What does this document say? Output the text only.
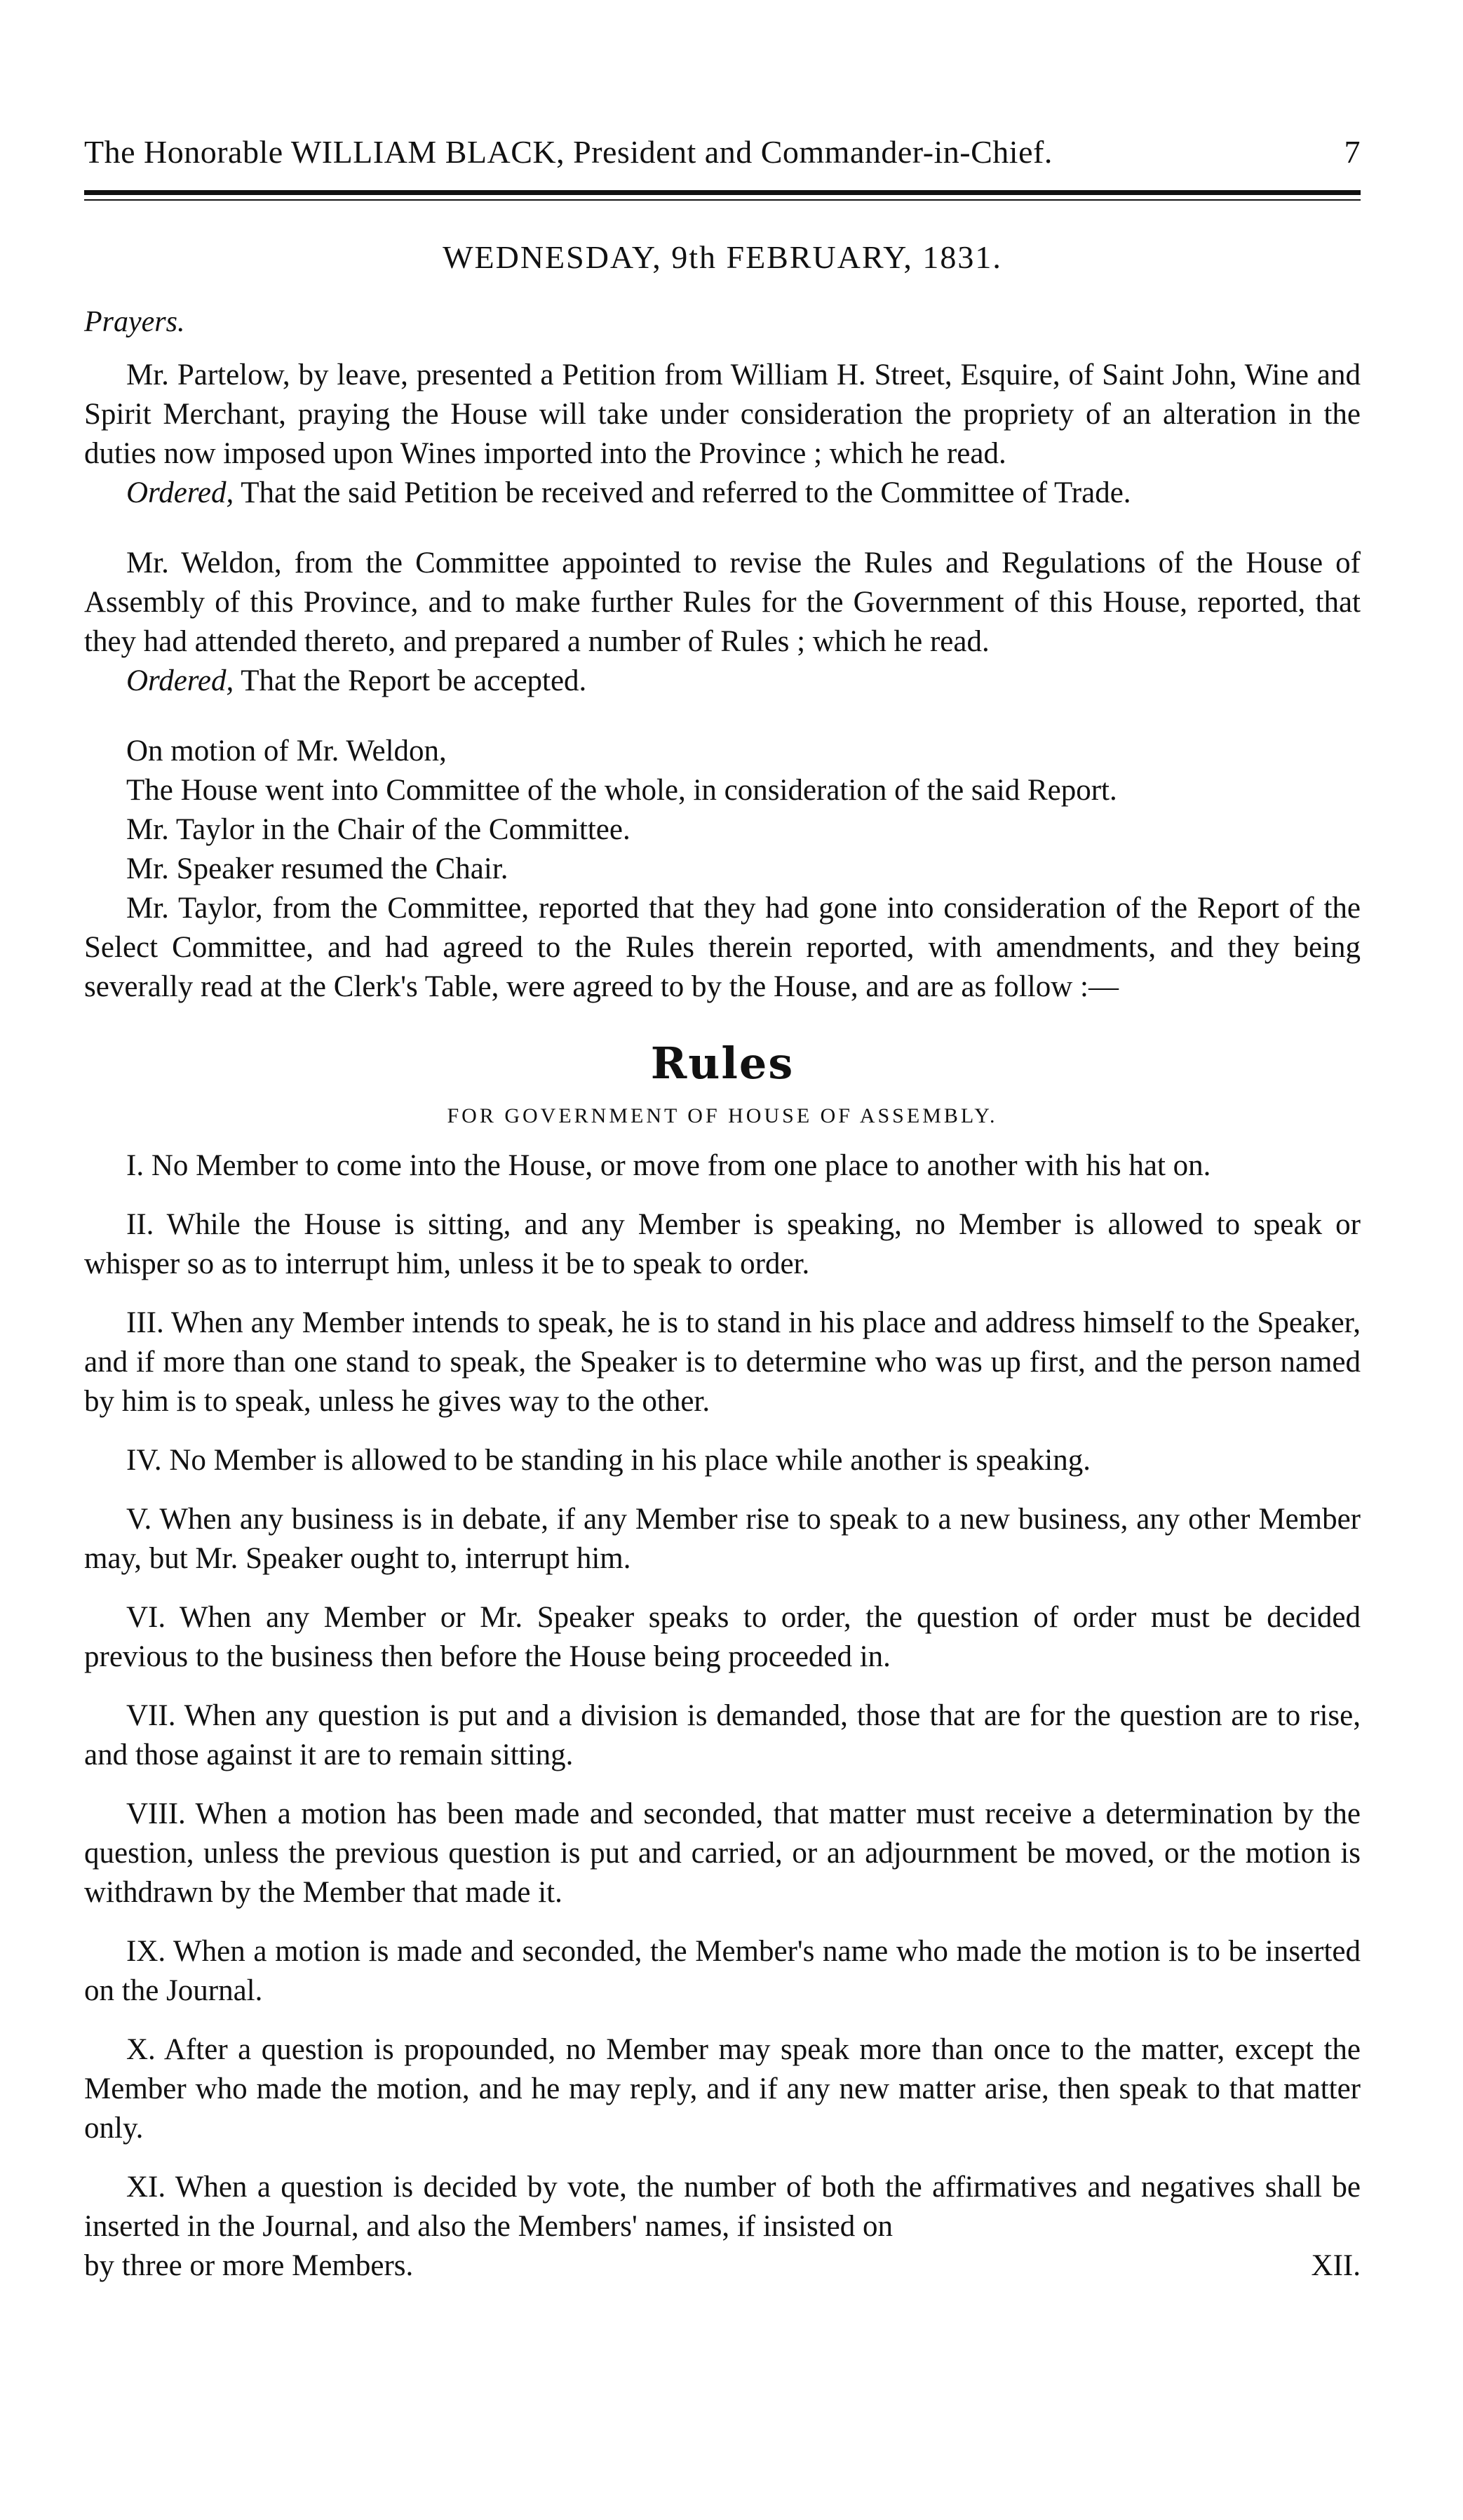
The Honorable WILLIAM BLACK, President and Commander-in-Chief.	7
WEDNESDAY, 9th FEBRUARY, 1831.
Prayers.

Mr. Partelow, by leave, presented a Petition from William H. Street, Esquire, of Saint John, Wine and Spirit Merchant, praying the House will take under consideration the propriety of an alteration in the duties now imposed upon Wines imported into the Province ; which he read.

Ordered, That the said Petition be received and referred to the Committee of Trade.

Mr. Weldon, from the Committee appointed to revise the Rules and Regulations of the House of Assembly of this Province, and to make further Rules for the Government of this House, reported, that they had attended thereto, and prepared a number of Rules ; which he read.

Ordered, That the Report be accepted.

On motion of Mr. Weldon,

The House went into Committee of the whole, in consideration of the said Report.

Mr. Taylor in the Chair of the Committee.

Mr. Speaker resumed the Chair.

Mr. Taylor, from the Committee, reported that they had gone into consideration of the Report of the Select Committee, and had agreed to the Rules therein reported, with amendments, and they being severally read at the Clerk's Table, were agreed to by the House, and are as follow :—

Rules
FOR GOVERNMENT OF HOUSE OF ASSEMBLY.

I. No Member to come into the House, or move from one place to another with his hat on.

II. While the House is sitting, and any Member is speaking, no Member is allowed to speak or whisper so as to interrupt him, unless it be to speak to order.

III. When any Member intends to speak, he is to stand in his place and address himself to the Speaker, and if more than one stand to speak, the Speaker is to determine who was up first, and the person named by him is to speak, unless he gives way to the other.

IV. No Member is allowed to be standing in his place while another is speaking.

V. When any business is in debate, if any Member rise to speak to a new business, any other Member may, but Mr. Speaker ought to, interrupt him.

VI. When any Member or Mr. Speaker speaks to order, the question of order must be decided previous to the business then before the House being proceeded in.

VII. When any question is put and a division is demanded, those that are for the question are to rise, and those against it are to remain sitting.

VIII. When a motion has been made and seconded, that matter must receive a determination by the question, unless the previous question is put and carried, or an adjournment be moved, or the motion is withdrawn by the Member that made it.

IX. When a motion is made and seconded, the Member's name who made the motion is to be inserted on the Journal.

X. After a question is propounded, no Member may speak more than once to the matter, except the Member who made the motion, and he may reply, and if any new matter arise, then speak to that matter only.

XI. When a question is decided by vote, the number of both the affirmatives and negatives shall be inserted in the Journal, and also the Members' names, if insisted on

by three or more Members.	XII.
